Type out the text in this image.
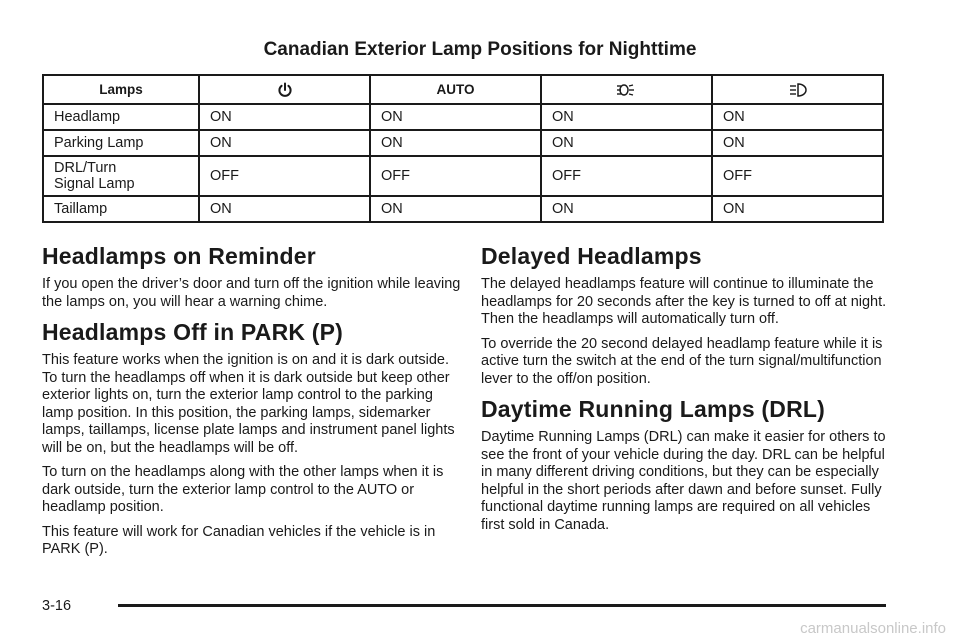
Canadian Exterior Lamp Positions for Nighttime
Lamps		AUTO		
Headlamp	ON	ON	ON	ON
Parking Lamp	ON	ON	ON	ON
DRL/Turn
Signal Lamp	OFF	OFF	OFF	OFF
Taillamp	ON	ON	ON	ON
Headlamps on Reminder

If you open the driver’s door and turn off the ignition while leaving the lamps on, you will hear a warning chime.

Headlamps Off in PARK (P)

This feature works when the ignition is on and it is dark outside. To turn the headlamps off when it is dark outside but keep other exterior lights on, turn the exterior lamp control to the parking lamp position. In this position, the parking lamps, sidemarker lamps, taillamps, license plate lamps and instrument panel lights will be on, but the headlamps will be off.

To turn on the headlamps along with the other lamps when it is dark outside, turn the exterior lamp control to the AUTO or headlamp position.

This feature will work for Canadian vehicles if the vehicle is in PARK (P).

Delayed Headlamps

The delayed headlamps feature will continue to illuminate the headlamps for 20 seconds after the key is turned to off at night. Then the headlamps will automatically turn off.

To override the 20 second delayed headlamp feature while it is active turn the switch at the end of the turn signal/multifunction lever to the off/on position.

Daytime Running Lamps (DRL)

Daytime Running Lamps (DRL) can make it easier for others to see the front of your vehicle during the day. DRL can be helpful in many different driving conditions, but they can be especially helpful in the short periods after dawn and before sunset. Fully functional daytime running lamps are required on all vehicles first sold in Canada.

3-16
carmanualsonline.info
